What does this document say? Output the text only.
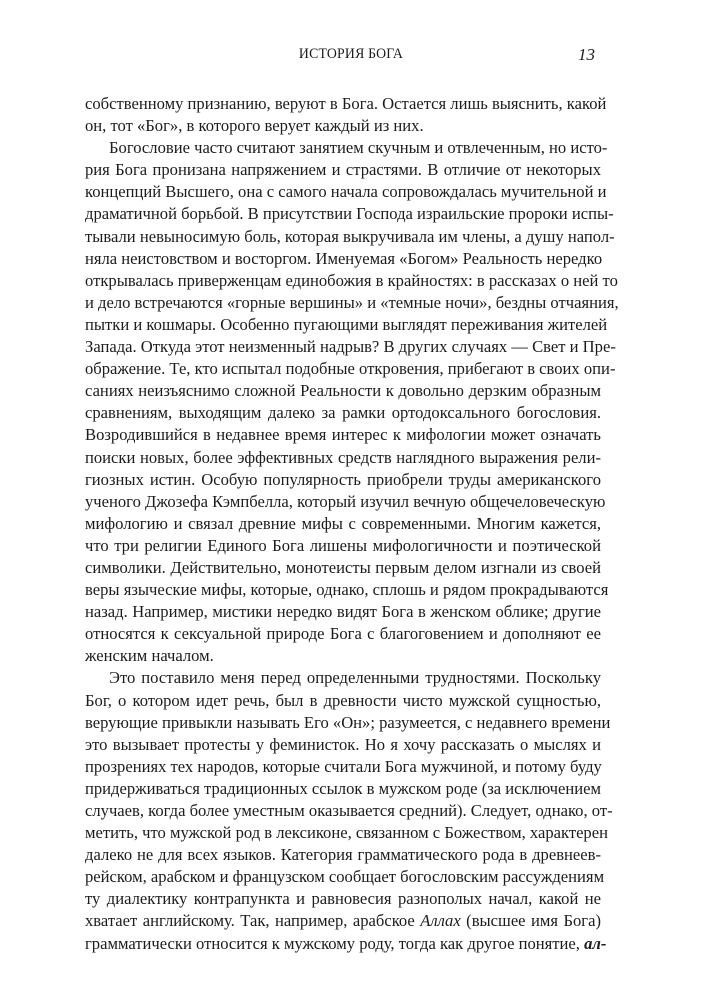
ИСТОРИЯ БОГА	13
собственному признанию, веруют в Бога. Остается лишь выяснить, какой
он, тот «Бог», в которого верует каждый из них.
Богословие часто считают занятием скучным и отвлеченным, но исто-
рия Бога пронизана напряжением и страстями. В отличие от некоторых
концепций Высшего, она с самого начала сопровождалась мучительной и
драматичной борьбой. В присутствии Господа израильские пророки испы-
тывали невыносимую боль, которая выкручивала им члены, а душу напол-
няла неистовством и восторгом. Именуемая «Богом» Реальность нередко
открывалась приверженцам единобожия в крайностях: в рассказах о ней то
и дело встречаются «горные вершины» и «темные ночи», бездны отчаяния,
пытки и кошмары. Особенно пугающими выглядят переживания жителей
Запада. Откуда этот неизменный надрыв? В других случаях — Свет и Пре-
ображение. Те, кто испытал подобные откровения, прибегают в своих опи-
саниях неизъяснимо сложной Реальности к довольно дерзким образным
сравнениям, выходящим далеко за рамки ортодоксального богословия.
Возродившийся в недавнее время интерес к мифологии может означать
поиски новых, более эффективных средств наглядного выражения рели-
гиозных истин. Особую популярность приобрели труды американского
ученого Джозефа Кэмпбелла, который изучил вечную общечеловеческую
мифологию и связал древние мифы с современными. Многим кажется,
что три религии Единого Бога лишены мифологичности и поэтической
символики. Действительно, монотеисты первым делом изгнали из своей
веры языческие мифы, которые, однако, сплошь и рядом прокрадываются
назад. Например, мистики нередко видят Бога в женском облике; другие
относятся к сексуальной природе Бога с благоговением и дополняют ее
женским началом.
Это поставило меня перед определенными трудностями. Поскольку
Бог, о котором идет речь, был в древности чисто мужской сущностью,
верующие привыкли называть Его «Он»; разумеется, с недавнего времени
это вызывает протесты у феминисток. Но я хочу рассказать о мыслях и
прозрениях тех народов, которые считали Бога мужчиной, и потому буду
придерживаться традиционных ссылок в мужском роде (за исключением
случаев, когда более уместным оказывается средний). Следует, однако, от-
метить, что мужской род в лексиконе, связанном с Божеством, характерен
далеко не для всех языков. Категория грамматического рода в древнеев-
рейском, арабском и французском сообщает богословским рассуждениям
ту диалектику контрапункта и равновесия разнополых начал, какой не
хватает английскому. Так, например, арабское Аллах (высшее имя Бога)
грамматически относится к мужскому роду, тогда как другое понятие, ал-
